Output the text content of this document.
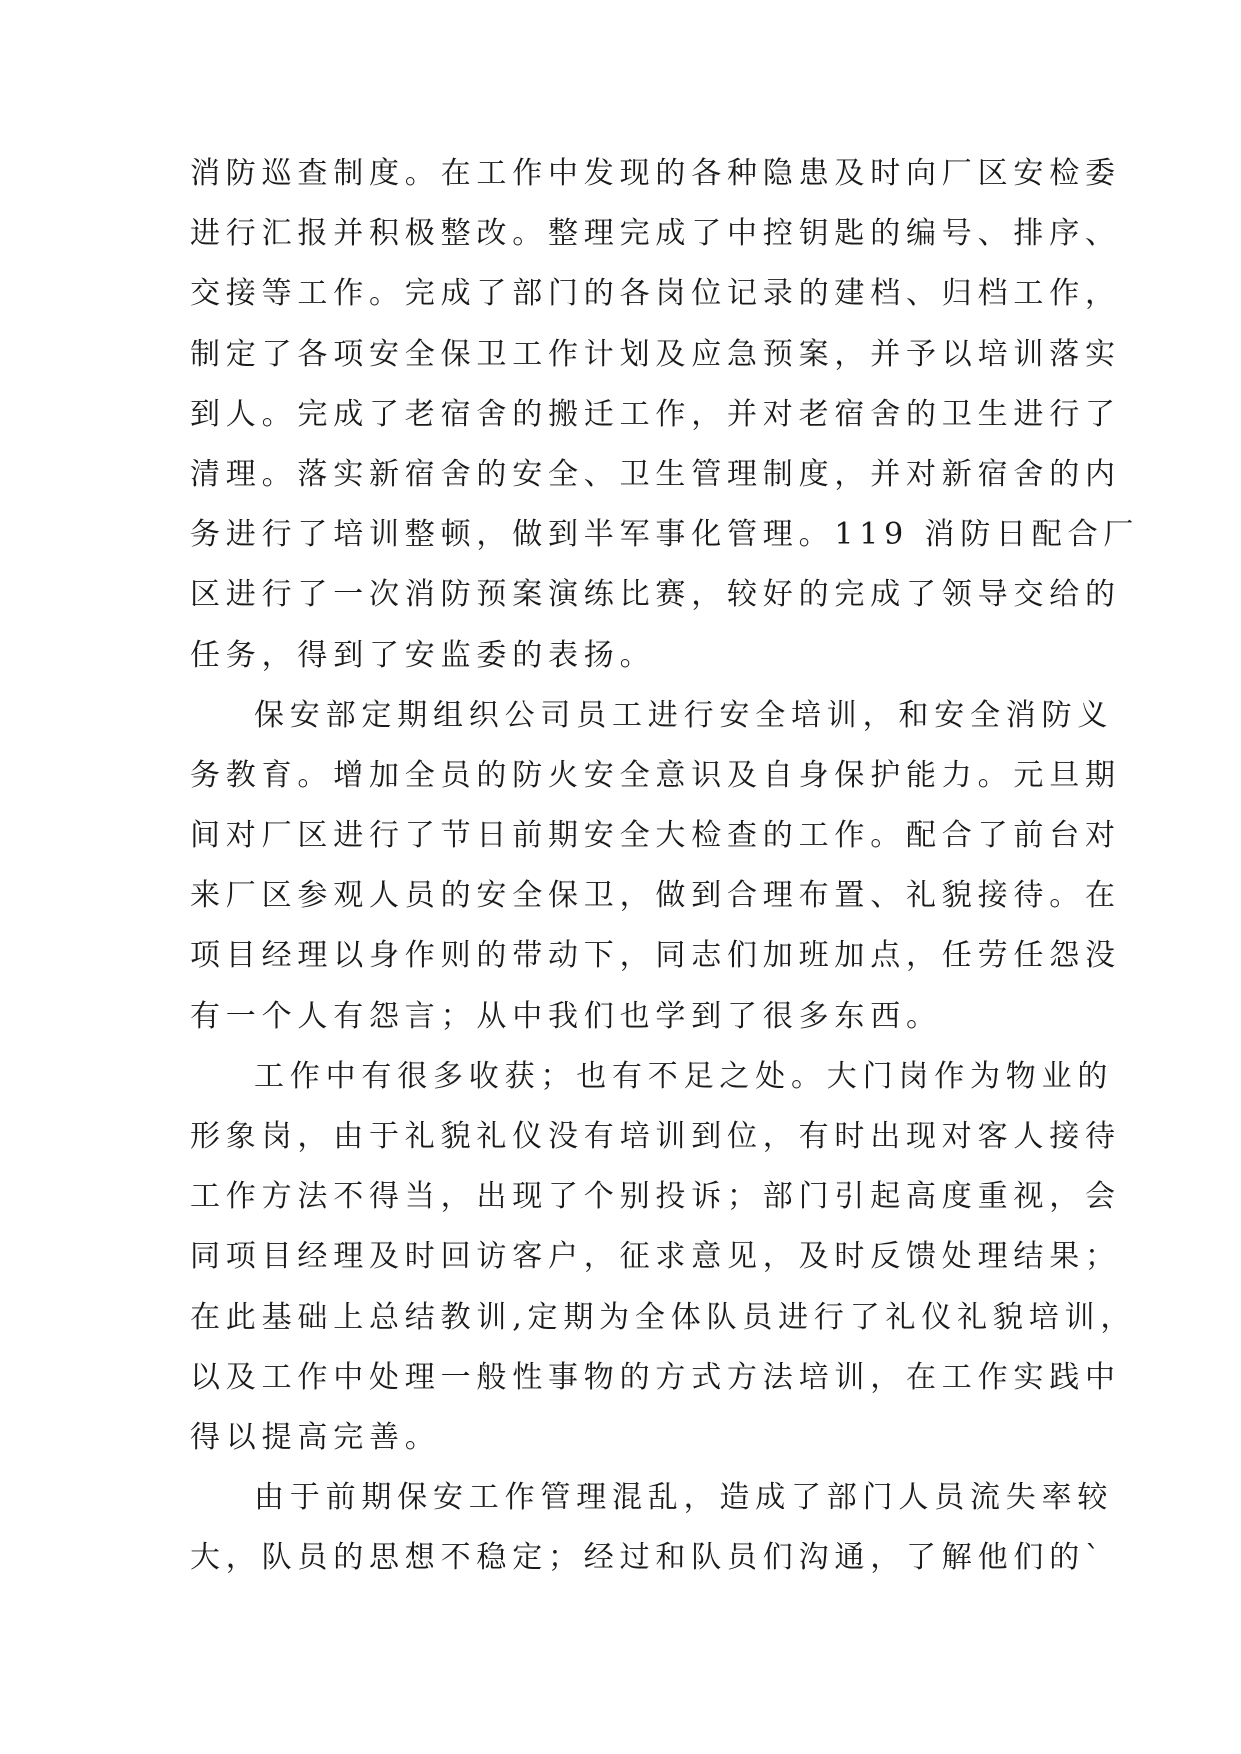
消防巡查制度。在工作中发现的各种隐患及时向厂区安检委
进行汇报并积极整改。整理完成了中控钥匙的编号、排序、
交接等工作。完成了部门的各岗位记录的建档、归档工作，
制定了各项安全保卫工作计划及应急预案，并予以培训落实
到人。完成了老宿舍的搬迁工作，并对老宿舍的卫生进行了
清理。落实新宿舍的安全、卫生管理制度，并对新宿舍的内
务进行了培训整顿，做到半军事化管理。119 消防日配合厂
区进行了一次消防预案演练比赛，较好的完成了领导交给的
任务，得到了安监委的表扬。
保安部定期组织公司员工进行安全培训，和安全消防义
务教育。增加全员的防火安全意识及自身保护能力。元旦期
间对厂区进行了节日前期安全大检查的工作。配合了前台对
来厂区参观人员的安全保卫，做到合理布置、礼貌接待。在
项目经理以身作则的带动下，同志们加班加点，任劳任怨没
有一个人有怨言；从中我们也学到了很多东西。
工作中有很多收获；也有不足之处。大门岗作为物业的
形象岗，由于礼貌礼仪没有培训到位，有时出现对客人接待
工作方法不得当，出现了个别投诉；部门引起高度重视，会
同项目经理及时回访客户，征求意见，及时反馈处理结果；
在此基础上总结教训,定期为全体队员进行了礼仪礼貌培训，
以及工作中处理一般性事物的方式方法培训，在工作实践中
得以提高完善。
由于前期保安工作管理混乱，造成了部门人员流失率较
大，队员的思想不稳定；经过和队员们沟通，了解他们的`
